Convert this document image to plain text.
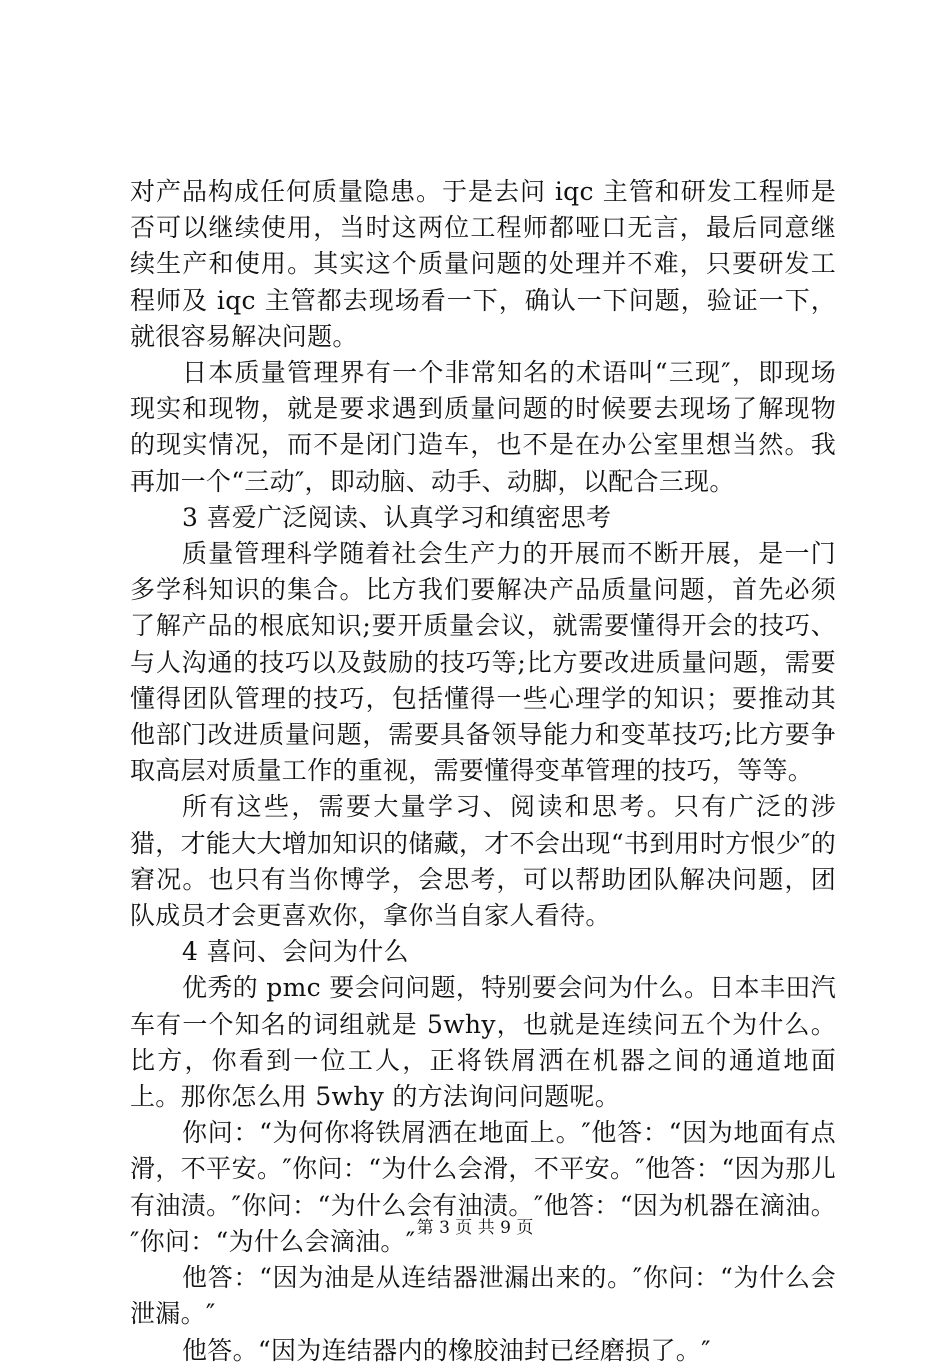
对产品构成任何质量隐患。于是去问 iqc 主管和研发工程师是否可以继续使用，当时这两位工程师都哑口无言，最后同意继续生产和使用。其实这个质量问题的处理并不难，只要研发工程师及 iqc 主管都去现场看一下，确认一下问题，验证一下，就很容易解决问题。

日本质量管理界有一个非常知名的术语叫“三现″，即现场现实和现物，就是要求遇到质量问题的时候要去现场了解现物的现实情况，而不是闭门造车，也不是在办公室里想当然。我再加一个“三动″，即动脑、动手、动脚，以配合三现。

3 喜爱广泛阅读、认真学习和缜密思考

质量管理科学随着社会生产力的开展而不断开展，是一门多学科知识的集合。比方我们要解决产品质量问题，首先必须了解产品的根底知识;要开质量会议，就需要懂得开会的技巧、与人沟通的技巧以及鼓励的技巧等;比方要改进质量问题，需要懂得团队管理的技巧，包括懂得一些心理学的知识；要推动其他部门改进质量问题，需要具备领导能力和变革技巧;比方要争取高层对质量工作的重视，需要懂得变革管理的技巧，等等。

所有这些，需要大量学习、阅读和思考。只有广泛的涉猎，才能大大增加知识的储藏，才不会出现“书到用时方恨少″的窘况。也只有当你博学，会思考，可以帮助团队解决问题，团队成员才会更喜欢你，拿你当自家人看待。

4 喜问、会问为什么

优秀的 pmc 要会问问题，特别要会问为什么。日本丰田汽车有一个知名的词组就是 5why，也就是连续问五个为什么。比方，你看到一位工人，正将铁屑洒在机器之间的通道地面上。那你怎么用 5why 的方法询问问题呢。

你问：“为何你将铁屑洒在地面上。″他答：“因为地面有点滑，不平安。″你问：“为什么会滑，不平安。″他答：“因为那儿有油渍。″你问：“为什么会有油渍。″他答：“因为机器在滴油。″你问：“为什么会滴油。″

他答：“因为油是从连结器泄漏出来的。″你问：“为什么会泄漏。″

他答。“因为连结器内的橡胶油封已经磨损了。″

第 3 页 共 9 页
